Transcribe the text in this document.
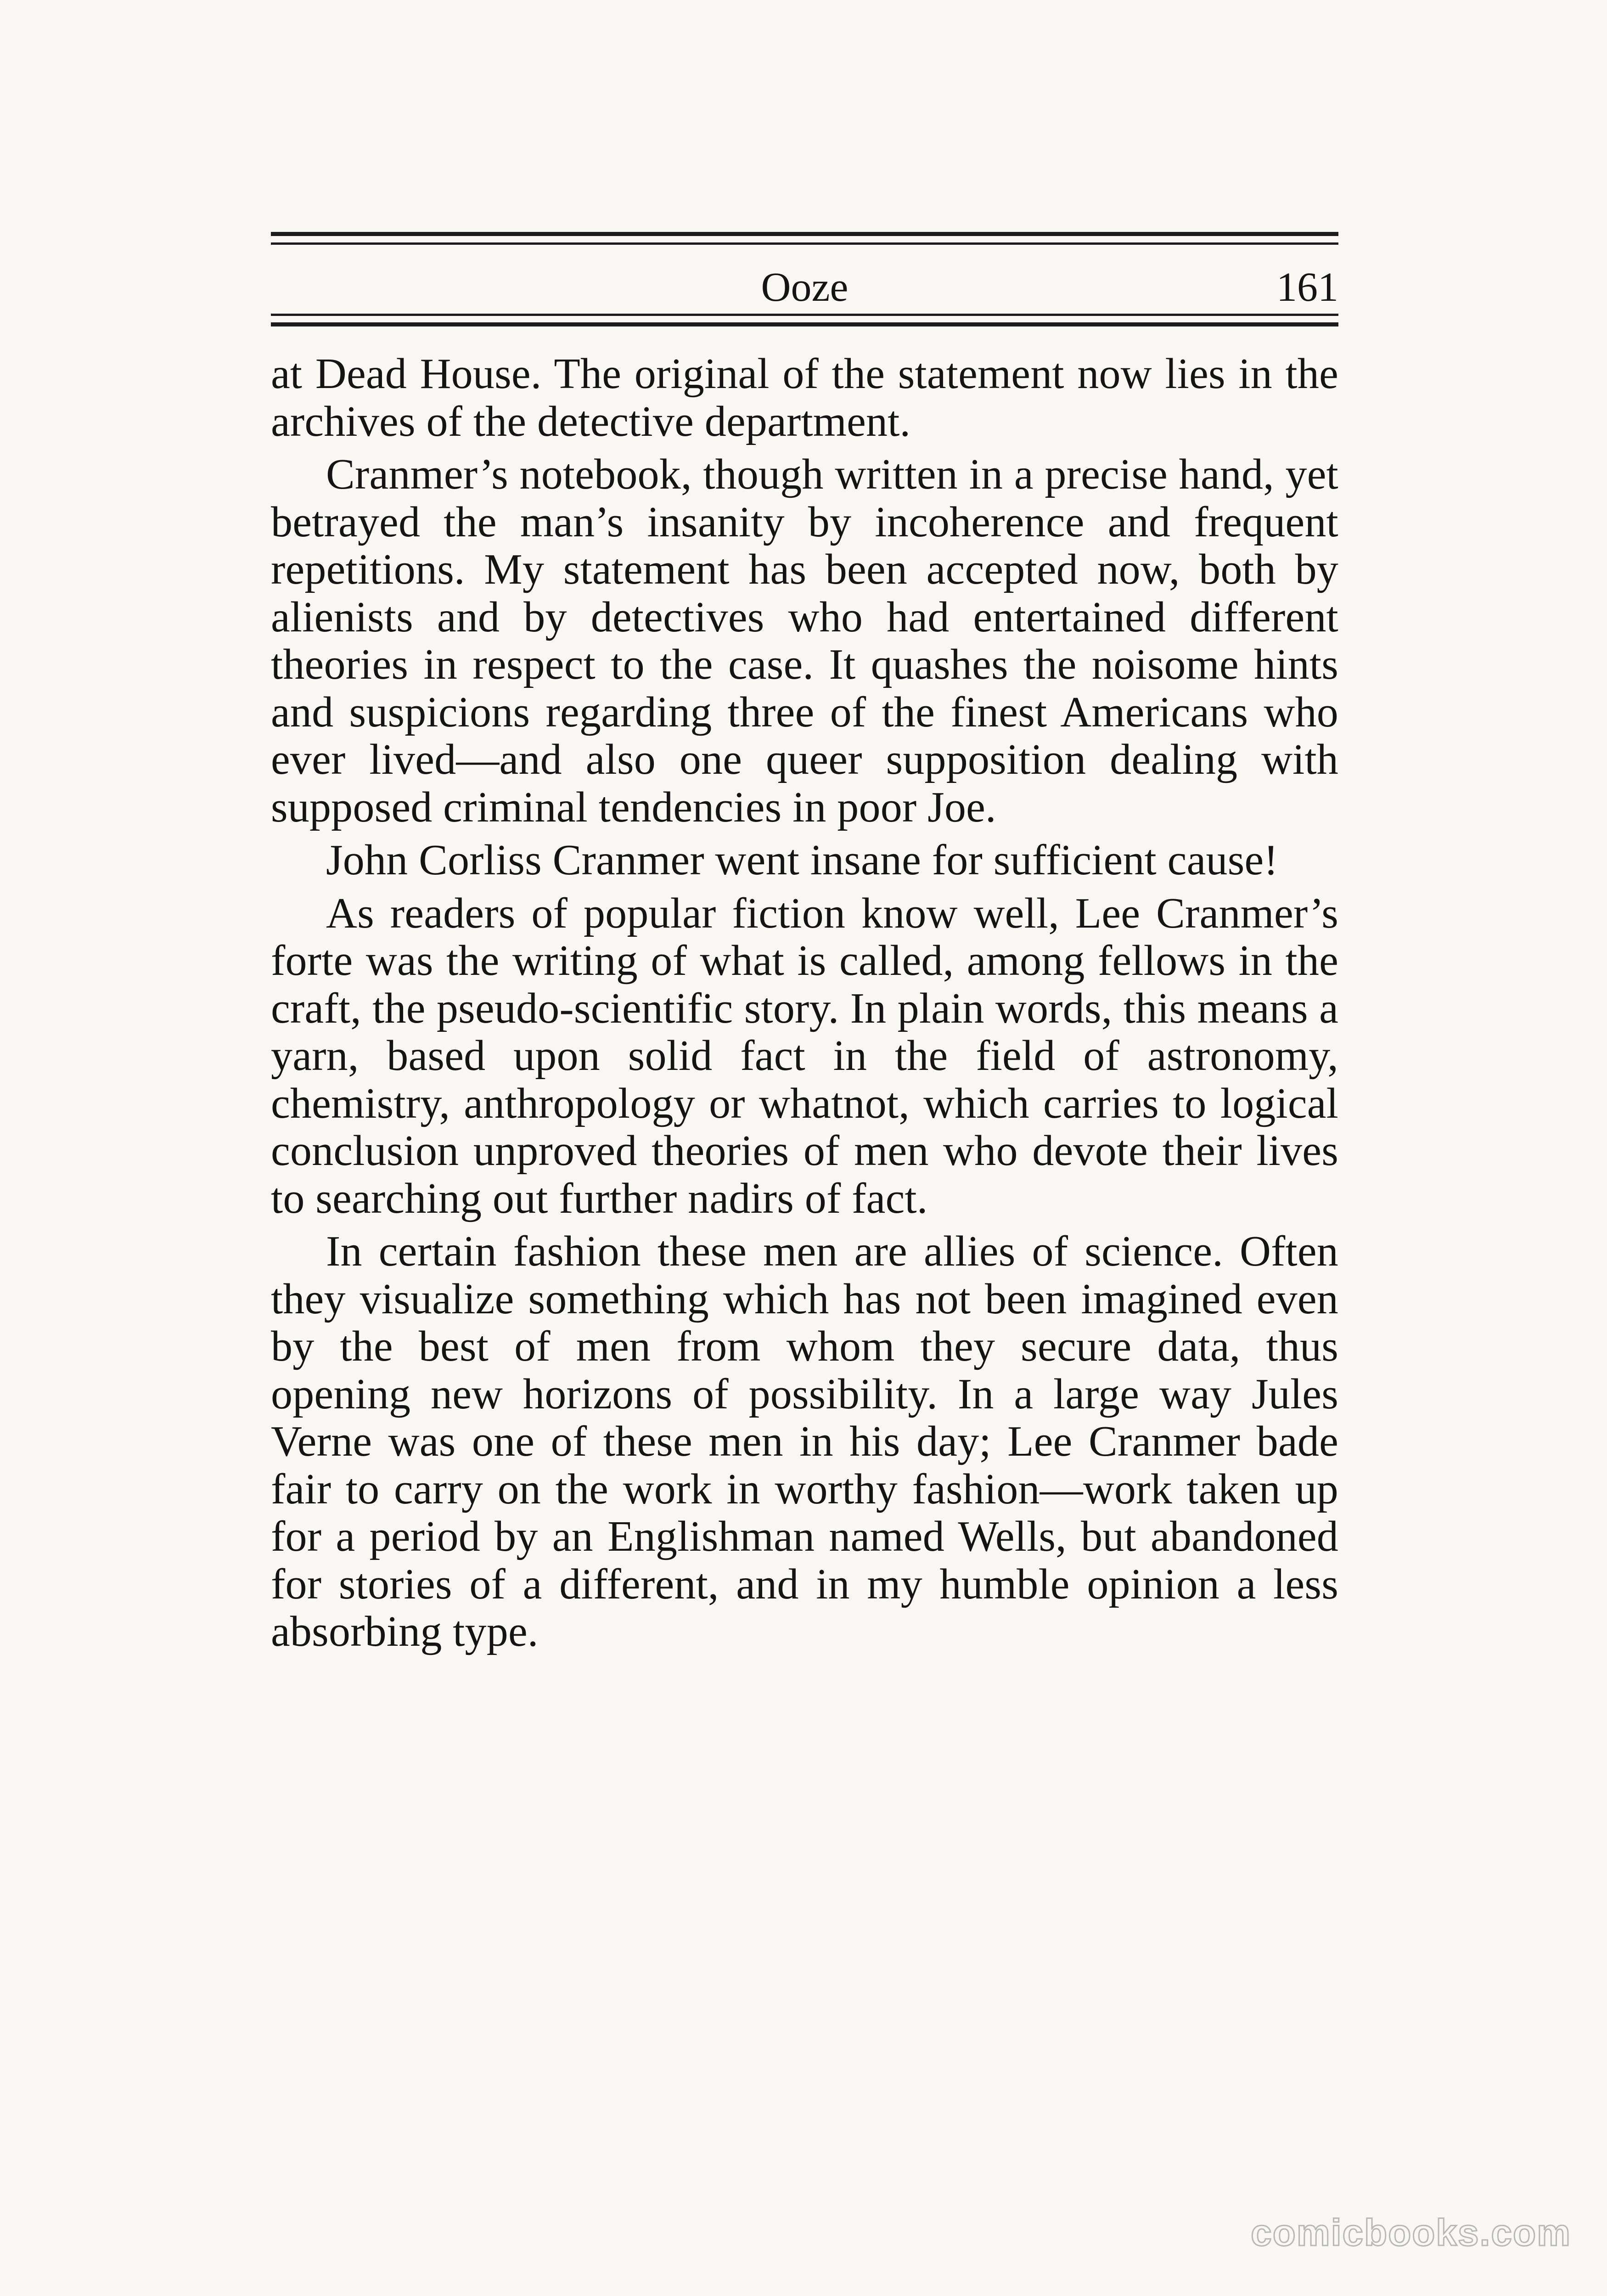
Ooze	161

at Dead House. The original of the statement now lies in the archives of the detective department.

Cranmer’s notebook, though written in a precise hand, yet betrayed the man’s insanity by incoherence and frequent repetitions. My statement has been accepted now, both by alienists and by detectives who had entertained different theories in respect to the case. It quashes the noisome hints and suspicions regarding three of the finest Americans who ever lived—and also one queer supposition dealing with supposed criminal tendencies in poor Joe.

John Corliss Cranmer went insane for sufficient cause!

As readers of popular fiction know well, Lee Cranmer’s forte was the writing of what is called, among fellows in the craft, the pseudo-scientific story. In plain words, this means a yarn, based upon solid fact in the field of astronomy, chemistry, anthropology or whatnot, which carries to logical conclusion unproved theories of men who devote their lives to searching out further nadirs of fact.

In certain fashion these men are allies of science. Often they visualize something which has not been imagined even by the best of men from whom they secure data, thus opening new horizons of possibility. In a large way Jules Verne was one of these men in his day; Lee Cranmer bade fair to carry on the work in worthy fashion—work taken up for a period by an Englishman named Wells, but abandoned for stories of a different, and in my humble opinion a less absorbing type.

comicbooks.com
